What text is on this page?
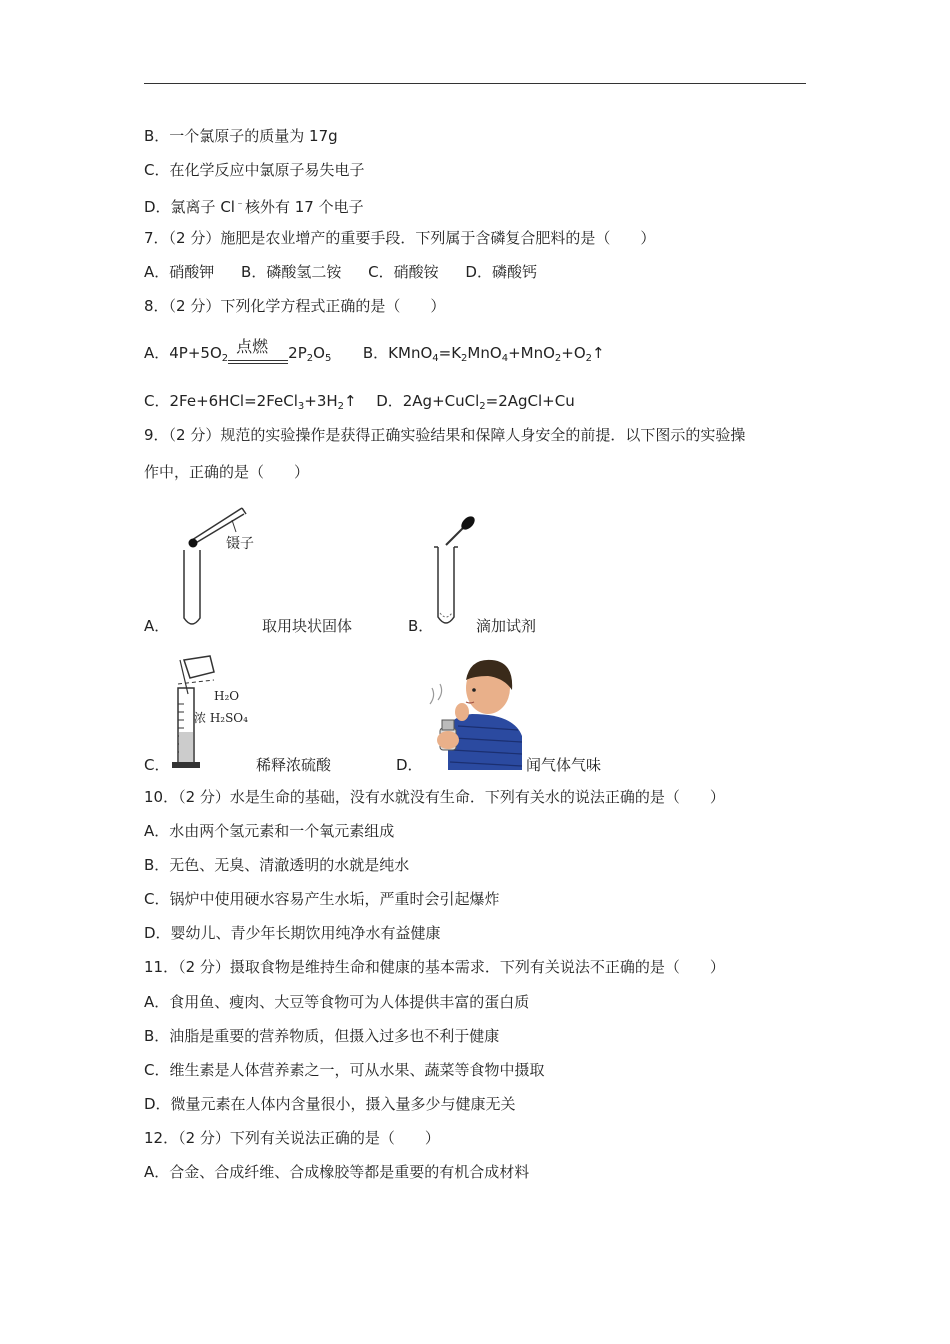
B．一个氯原子的质量为 17g
C．在化学反应中氯原子易失电子
D．氯离子 Cl﹣核外有 17 个电子
7．（2 分）施肥是农业增产的重要手段．下列属于含磷复合肥料的是（　　）
A．硝酸钾 B．磷酸氢二铵 C．硝酸铵 D．磷酸钙
8．（2 分）下列化学方程式正确的是（　　）
A．$4P+5O_2$
点燃 $2P_2O_5$ B．$KMnO_4=K_2MnO_4+MnO_2+O_2↑$
C．$2Fe+6HCl=2FeCl_3+3H_2↑$ D．2Ag+CuCl$_2$=2AgCl+Cu
9．（2 分）规范的实验操作是获得正确实验结果和保障人身安全的前提．以下图示的实验操
作中，正确的是（　　）
镊子
A．	取用块状固体	B．	滴加试剂
H₂O
浓 H₂SO₄
C．	稀释浓硫酸	D．	闻气体气味
10．（2 分）水是生命的基础，没有水就没有生命．下列有关水的说法正确的是（　　）
A．水由两个氢元素和一个氧元素组成
B．无色、无臭、清澈透明的水就是纯水
C．锅炉中使用硬水容易产生水垢，严重时会引起爆炸
D．婴幼儿、青少年长期饮用纯净水有益健康
11．（2 分）摄取食物是维持生命和健康的基本需求．下列有关说法不正确的是（　　）
A．食用鱼、瘦肉、大豆等食物可为人体提供丰富的蛋白质
B．油脂是重要的营养物质，但摄入过多也不利于健康
C．维生素是人体营养素之一，可从水果、蔬菜等食物中摄取
D．微量元素在人体内含量很小，摄入量多少与健康无关
12．（2 分）下列有关说法正确的是（　　）
A．合金、合成纤维、合成橡胶等都是重要的有机合成材料
